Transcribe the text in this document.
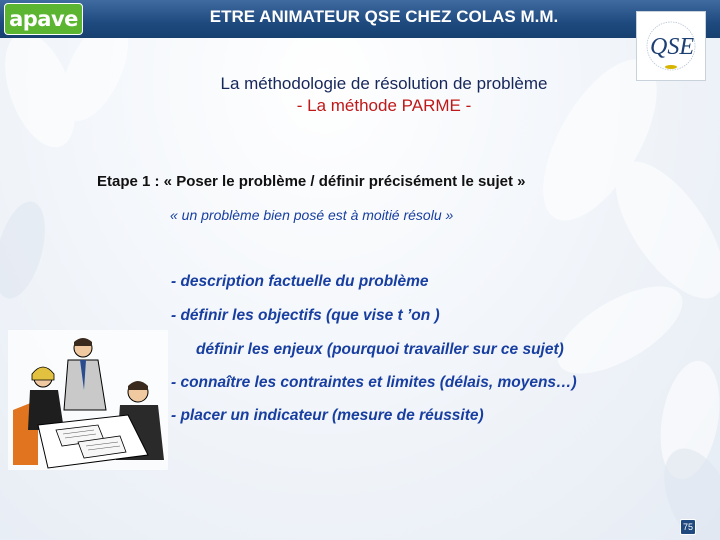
apave	ETRE ANIMATEUR QSE CHEZ COLAS M.M.
QSE
La méthodologie de résolution de problème
- La méthode PARME -
Etape 1 : « Poser le problème / définir précisément le sujet »
« un problème bien posé est à moitié résolu »
- description factuelle du problème
- définir les objectifs (que vise t ’on )
définir les enjeux (pourquoi travailler sur ce sujet)
- connaître les contraintes et limites (délais, moyens…)
- placer un indicateur (mesure de réussite)
75
